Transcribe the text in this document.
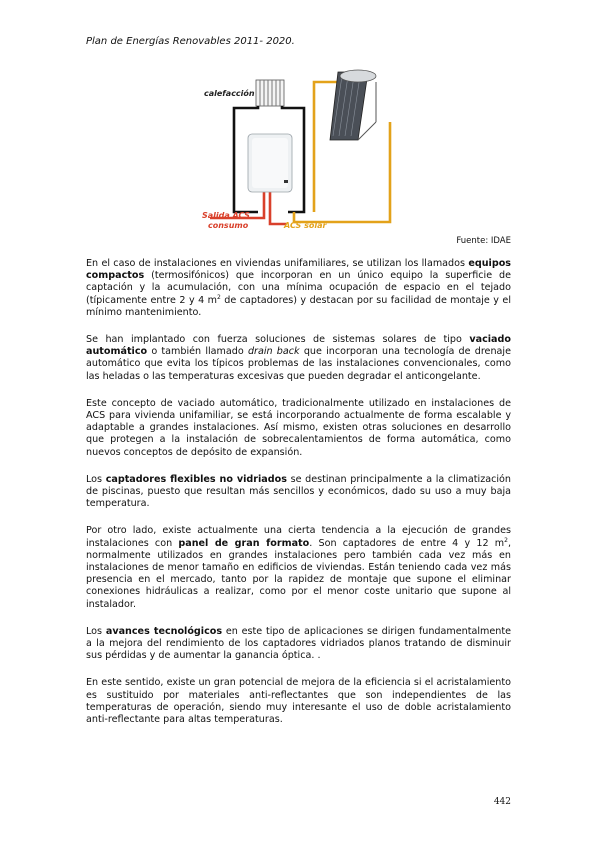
Plan de Energías Renovables 2011- 2020.
calefacción
Salida ACS
consumo	ACS solar
Fuente: IDAE

En el caso de instalaciones en viviendas unifamiliares, se utilizan los llamados equipos compactos (termosifónicos) que incorporan en un único equipo la superficie de captación y la acumulación, con una mínima ocupación de espacio en el tejado (típicamente entre 2 y 4 $m^2$ de captadores) y destacan por su facilidad de montaje y el mínimo mantenimiento.

Se han implantado con fuerza soluciones de sistemas solares de tipo vaciado automático o también llamado drain back que incorporan una tecnología de drenaje automático que evita los típicos problemas de las instalaciones convencionales, como las heladas o las temperaturas excesivas que pueden degradar el anticongelante.

Este concepto de vaciado automático, tradicionalmente utilizado en instalaciones de ACS para vivienda unifamiliar, se está incorporando actualmente de forma escalable y adaptable a grandes instalaciones. Así mismo, existen otras soluciones en desarrollo que protegen a la instalación de sobrecalentamientos de forma automática, como nuevos conceptos de depósito de expansión.

Los captadores flexibles no vidriados se destinan principalmente a la climatización de piscinas, puesto que resultan más sencillos y económicos, dado su uso a muy baja temperatura.

Por otro lado, existe actualmente una cierta tendencia a la ejecución de grandes instalaciones con panel de gran formato. Son captadores de entre 4 y 12 $m^2$, normalmente utilizados en grandes instalaciones pero también cada vez más en instalaciones de menor tamaño en edificios de viviendas. Están teniendo cada vez más presencia en el mercado, tanto por la rapidez de montaje que supone el eliminar conexiones hidráulicas a realizar, como por el menor coste unitario que supone al instalador.

Los avances tecnológicos en este tipo de aplicaciones se dirigen fundamentalmente a la mejora del rendimiento de los captadores vidriados planos tratando de disminuir sus pérdidas y de aumentar la ganancia óptica. .

En este sentido, existe un gran potencial de mejora de la eficiencia si el acristalamiento es sustituido por materiales anti-reflectantes que son independientes de las temperaturas de operación, siendo muy interesante el uso de doble acristalamiento anti-reflectante para altas temperaturas.

442
